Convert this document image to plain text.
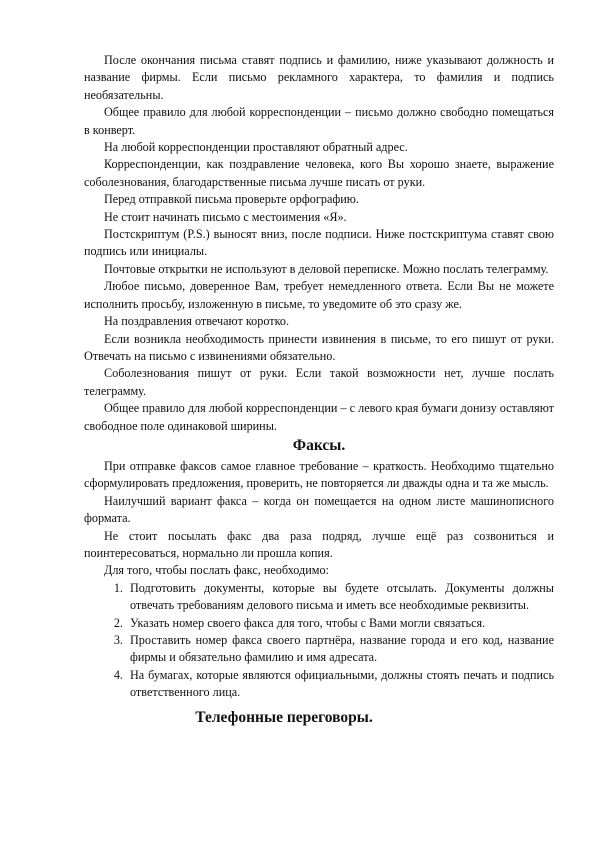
После окончания письма ставят подпись и фамилию, ниже указывают должность и название фирмы. Если письмо рекламного характера, то фамилия и подпись необязательны.

Общее правило для любой корреспонденции – письмо должно свободно помещаться в конверт.

На любой корреспонденции проставляют обратный адрес.

Корреспонденции, как поздравление человека, кого Вы хорошо знаете, выражение соболезнования, благодарственные письма лучше писать от руки.

Перед отправкой письма проверьте орфографию.

Не стоит начинать письмо с местоимения «Я».

Постскриптум (P.S.) выносят вниз, после подписи. Ниже постскриптума ставят свою подпись или инициалы.

Почтовые открытки не используют в деловой переписке. Можно послать телеграмму.

Любое письмо, доверенное Вам, требует немедленного ответа. Если Вы не можете исполнить просьбу, изложенную в письме, то уведомите об это сразу же.

На поздравления отвечают коротко.

Если возникла необходимость принести извинения в письме, то его пишут от руки. Отвечать на письмо с извинениями обязательно.

Соболезнования пишут от руки. Если такой возможности нет, лучше послать телеграмму.

Общее правило для любой корреспонденции – с левого края бумаги донизу оставляют свободное поле одинаковой ширины.

Факсы.

При отправке факсов самое главное требование – краткость. Необходимо тщательно сформулировать предложения, проверить, не повторяется ли дважды одна и та же мысль.

Наилучший вариант факса – когда он помещается на одном листе машинописного формата.

Не стоит посылать факс два раза подряд, лучше ещё раз созвониться и поинтересоваться, нормально ли прошла копия.

Для того, чтобы послать факс, необходимо:

1. Подготовить документы, которые вы будете отсылать. Документы должны отвечать требованиям делового письма и иметь все необходимые реквизиты.
2. Указать номер своего факса для того, чтобы с Вами могли связаться.
3. Проставить номер факса своего партнёра, название города и его код, название фирмы и обязательно фамилию и имя адресата.
4. На бумагах, которые являются официальными, должны стоять печать и подпись ответственного лица.
Телефонные переговоры.
